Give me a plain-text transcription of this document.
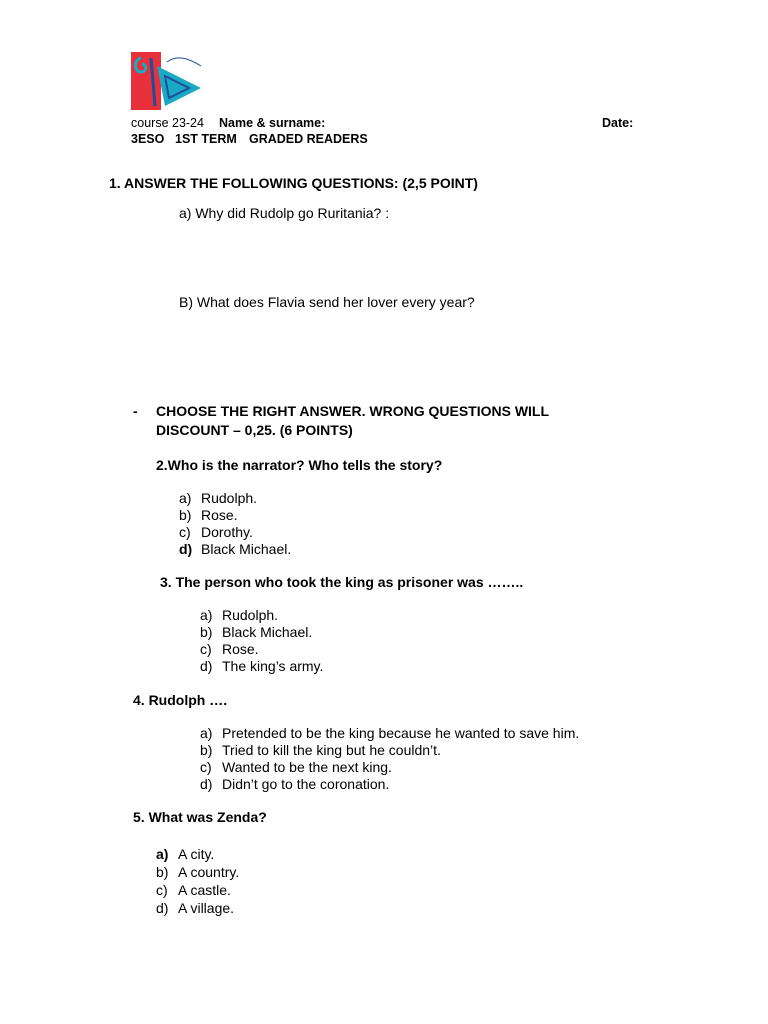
course 23-24 Name & surname:	Date:
3ESO 1ST TERM GRADED READERS
1. ANSWER THE FOLLOWING QUESTIONS: (2,5 POINT)
a) Why did Rudolp go Ruritania? :
B) What does Flavia send her lover every year?
- CHOOSE THE RIGHT ANSWER. WRONG QUESTIONS WILL
DISCOUNT – 0,25. (6 POINTS)
2.Who is the narrator? Who tells the story?
a) Rudolph.
b) Rose.
c) Dorothy.
d) Black Michael.
3. The person who took the king as prisoner was ……..
a) Rudolph.
b) Black Michael.
c) Rose.
d) The king’s army.
4. Rudolph ….
a) Pretended to be the king because he wanted to save him.
b) Tried to kill the king but he couldn’t.
c) Wanted to be the next king.
d) Didn’t go to the coronation.
5. What was Zenda?
a) A city.
b) A country.
c) A castle.
d) A village.
